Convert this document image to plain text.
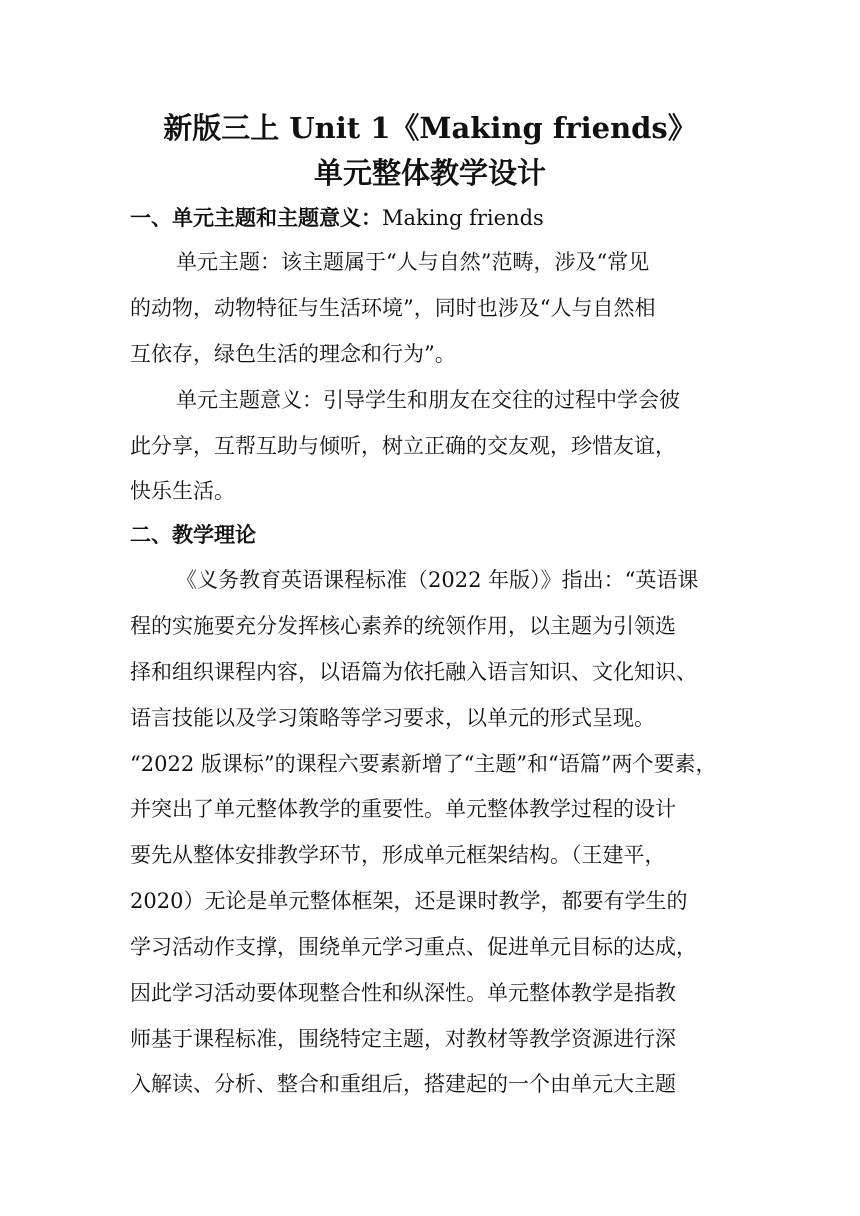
新版三上 Unit 1《Making friends》
单元整体教学设计
一、单元主题和主题意义：Making friends
单元主题：该主题属于“人与自然”范畴，涉及“常见
的动物，动物特征与生活环境”，同时也涉及“人与自然相
互依存，绿色生活的理念和行为”。
单元主题意义：引导学生和朋友在交往的过程中学会彼
此分享，互帮互助与倾听，树立正确的交友观，珍惜友谊，
快乐生活。
二、教学理论
《义务教育英语课程标准（2022 年版）》指出：“英语课
程的实施要充分发挥核心素养的统领作用，以主题为引领选
择和组织课程内容，以语篇为依托融入语言知识、文化知识、
语言技能以及学习策略等学习要求，以单元的形式呈现。
“2022 版课标”的课程六要素新增了“主题”和“语篇”两个要素，
并突出了单元整体教学的重要性。单元整体教学过程的设计
要先从整体安排教学环节，形成单元框架结构。（王建平，
2020）无论是单元整体框架，还是课时教学，都要有学生的
学习活动作支撑，围绕单元学习重点、促进单元目标的达成，
因此学习活动要体现整合性和纵深性。单元整体教学是指教
师基于课程标准，围绕特定主题，对教材等教学资源进行深
入解读、分析、整合和重组后，搭建起的一个由单元大主题
